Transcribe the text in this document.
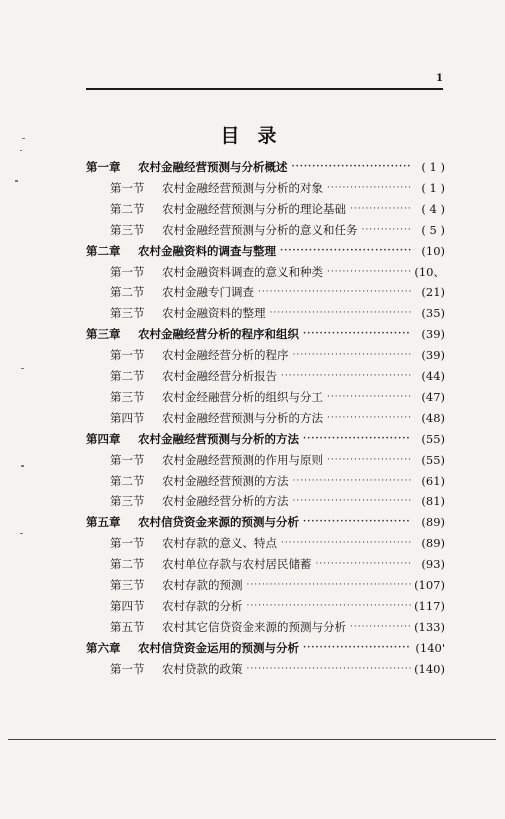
1
目录
第一章 农村金融经营预测与分析概述 ·····	( 1 )
第一节 农村金融经营预测与分析的对象 ·····	( 1 )
第二节 农村金融经营预测与分析的理论基础 ·····	( 4 )
第三节 农村金融经营预测与分析的意义和任务 ·····	( 5 )
第二章 农村金融资料的调查与整理 ·····	(10)
第一节 农村金融资料调查的意义和种类 ·····	(10、
第二节 农村金融专门调查 ·····	(21)
第三节 农村金融资料的整理 ·····	(35)
第三章 农村金融经营分析的程序和组织 ·····	(39)
第一节 农村金融经营分析的程序 ·····	(39)
第二节 农村金融经营分析报告 ·····	(44)
第三节 农村金经融营分析的组织与分工 ·····	(47)
第四节 农村金融经营预测与分析的方法 ·····	(48)
第四章 农村金融经营预测与分析的方法 ·····	(55)
第一节 农村金融经营预测的作用与原则 ·····	(55)
第二节 农村金融经营预测的方法 ·····	(61)
第三节 农村金融经营分析的方法 ·····	(81)
第五章 农村信贷资金来源的预测与分析 ·····	(89)
第一节 农村存款的意义、特点 ·····	(89)
第二节 农村单位存款与农村居民储蓄 ·····	(93)
第三节 农村存款的预测 ·····	(107)
第四节 农村存款的分析 ·····	(117)
第五节 农村其它信贷资金来源的预测与分析 ·····	(133)
第六章 农村信贷资金运用的预测与分析 ·····	(140'
第一节 农村贷款的政策 ·····	(140)
